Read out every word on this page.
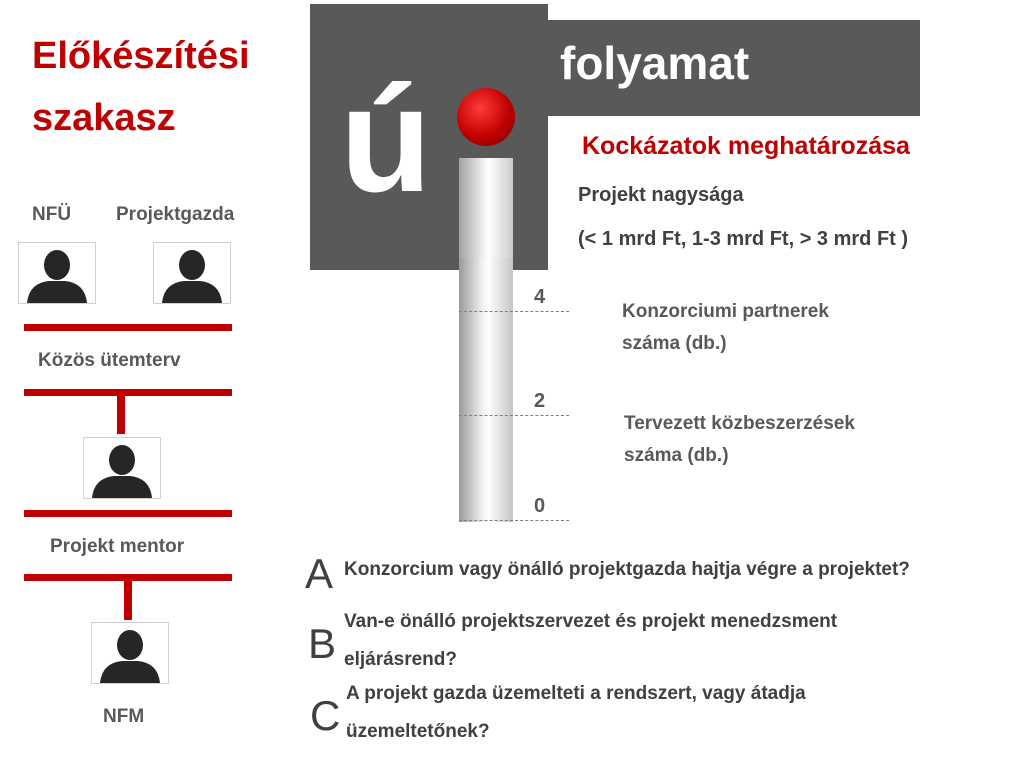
Előkészítési
szakasz
NFÜ Projektgazda
Közös ütemterv
Projekt mentor
NFM
ú	folyamat
4
2
0
Kockázatok meghatározása
Projekt nagysága
(< 1 mrd Ft, 1-3 mrd Ft, > 3 mrd Ft )
Konzorciumi partnerek száma (db.)
Tervezett közbeszerzések száma (db.)
A Konzorcium vagy önálló projektgazda hajtja végre a projektet?
B Van-e önálló projektszervezet és projekt menedzsment eljárásrend?
C A projekt gazda üzemelteti a rendszert, vagy átadja üzemeltetőnek?
